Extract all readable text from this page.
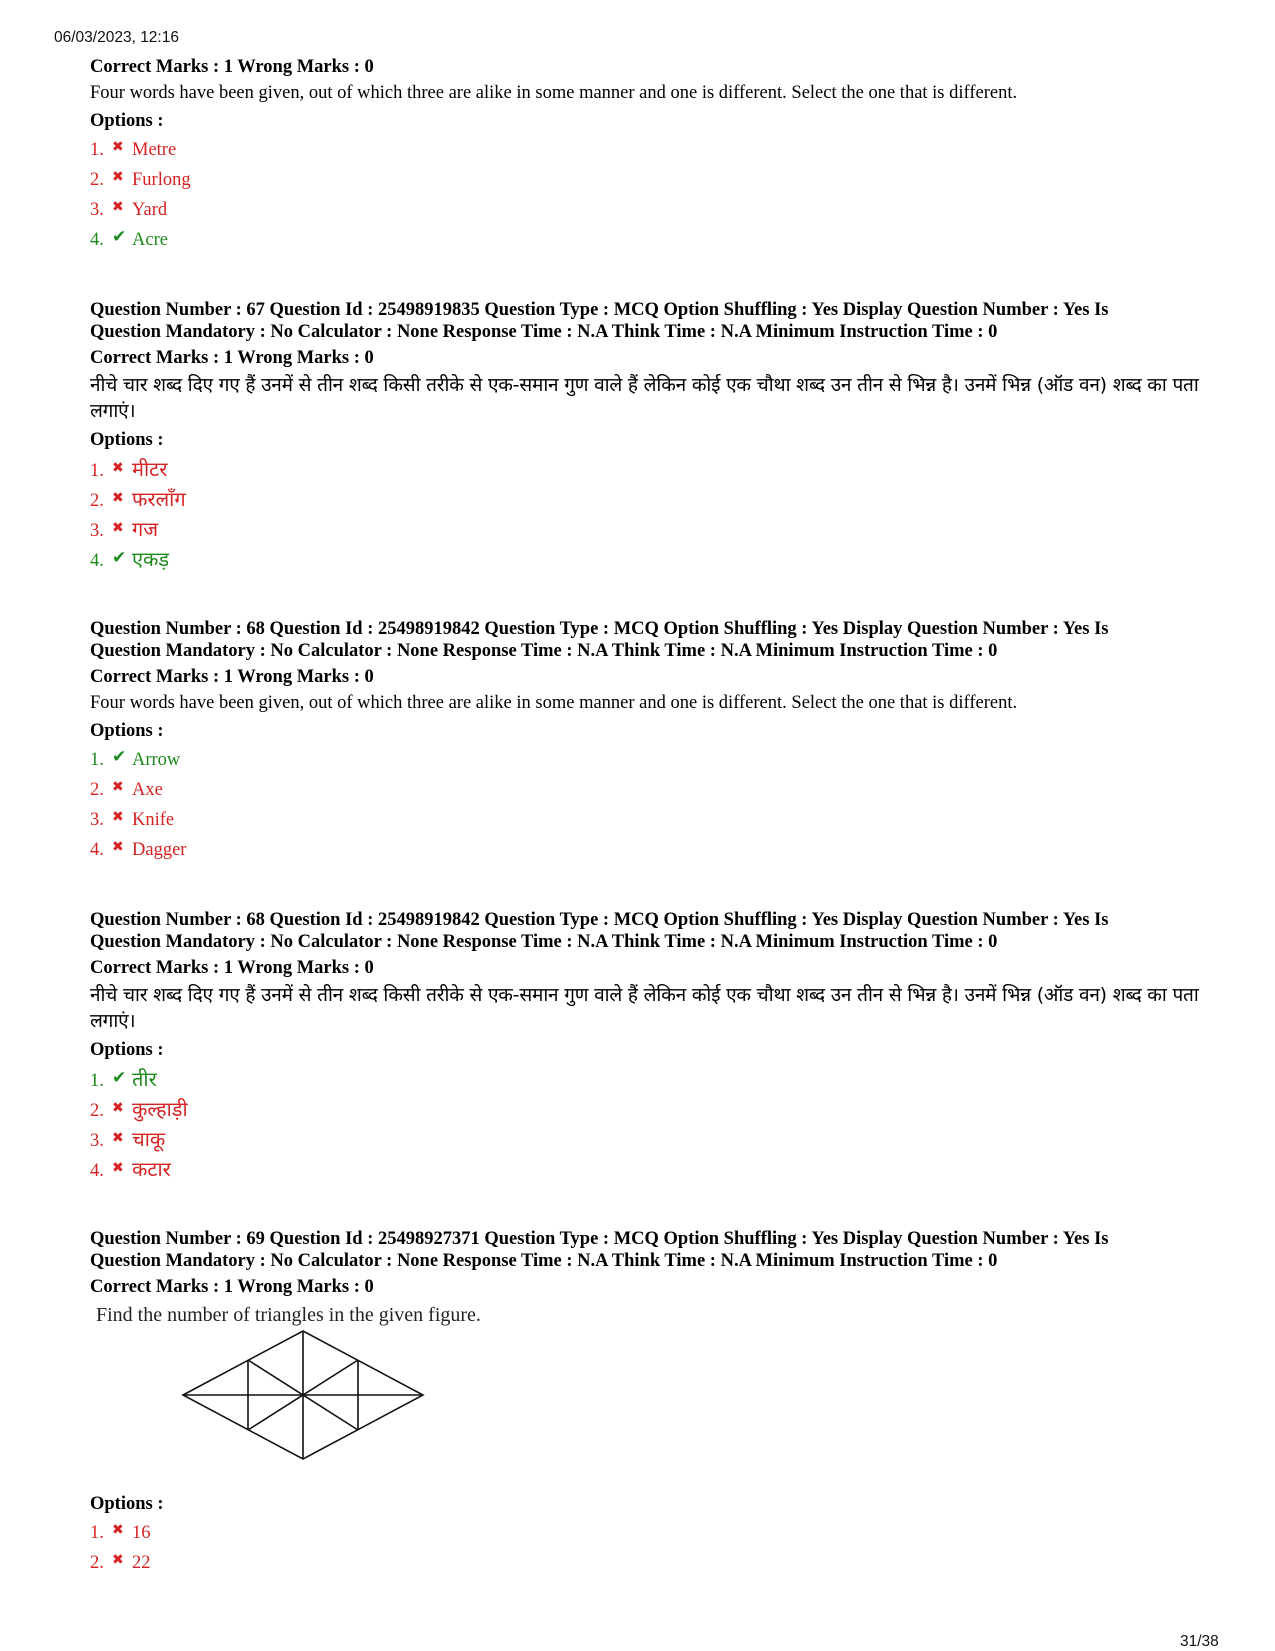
06/03/2023, 12:16

Correct Marks : 1 Wrong Marks : 0

Four words have been given, out of which three are alike in some manner and one is different. Select the one that is different.

Options :

1. ✖ Metre
2. ✖ Furlong
3. ✖ Yard
4. ✔ Acre

Question Number : 67 Question Id : 25498919835 Question Type : MCQ Option Shuffling : Yes Display Question Number : Yes Is

Question Mandatory : No Calculator : None Response Time : N.A Think Time : N.A Minimum Instruction Time : 0

Correct Marks : 1 Wrong Marks : 0

नीचे चार शब्द दिए गए हैं उनमें से तीन शब्द किसी तरीके से एक-समान गुण वाले हैं लेकिन कोई एक चौथा शब्द उन तीन से भिन्न है। उनमें भिन्न (ऑड वन) शब्द का पता लगाएं।

Options :

1. ✖ मीटर
2. ✖ फरलाँग
3. ✖ गज
4. ✔ एकड़

Question Number : 68 Question Id : 25498919842 Question Type : MCQ Option Shuffling : Yes Display Question Number : Yes Is

Question Mandatory : No Calculator : None Response Time : N.A Think Time : N.A Minimum Instruction Time : 0

Correct Marks : 1 Wrong Marks : 0

Four words have been given, out of which three are alike in some manner and one is different. Select the one that is different.

Options :

1. ✔ Arrow
2. ✖ Axe
3. ✖ Knife
4. ✖ Dagger

Question Number : 68 Question Id : 25498919842 Question Type : MCQ Option Shuffling : Yes Display Question Number : Yes Is

Question Mandatory : No Calculator : None Response Time : N.A Think Time : N.A Minimum Instruction Time : 0

Correct Marks : 1 Wrong Marks : 0

नीचे चार शब्द दिए गए हैं उनमें से तीन शब्द किसी तरीके से एक-समान गुण वाले हैं लेकिन कोई एक चौथा शब्द उन तीन से भिन्न है। उनमें भिन्न (ऑड वन) शब्द का पता लगाएं।

Options :

1. ✔ तीर
2. ✖ कुल्हाड़ी
3. ✖ चाकू
4. ✖ कटार

Question Number : 69 Question Id : 25498927371 Question Type : MCQ Option Shuffling : Yes Display Question Number : Yes Is

Question Mandatory : No Calculator : None Response Time : N.A Think Time : N.A Minimum Instruction Time : 0

Correct Marks : 1 Wrong Marks : 0

Find the number of triangles in the given figure.

Options :

1. ✖ 16
2. ✖ 22
31/38
